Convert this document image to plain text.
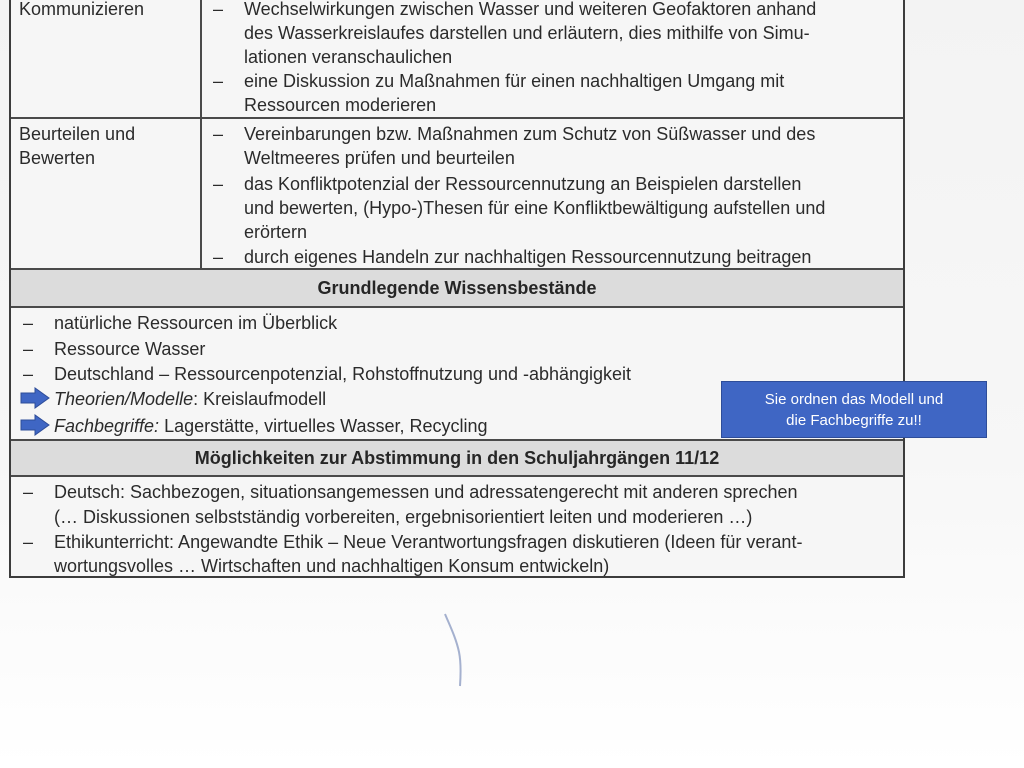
Kommunizieren	– Wechselwirkungen zwischen Wasser und weiteren Geofaktoren anhand
des Wasserkreislaufes darstellen und erläutern, dies mithilfe von Simu-
lationen veranschaulichen
– eine Diskussion zu Maßnahmen für einen nachhaltigen Umgang mit
Ressourcen moderieren
Beurteilen und
Bewerten
– Vereinbarungen bzw. Maßnahmen zum Schutz von Süßwasser und des
Weltmeeres prüfen und beurteilen
– das Konfliktpotenzial der Ressourcennutzung an Beispielen darstellen
und bewerten, (Hypo-)Thesen für eine Konfliktbewältigung aufstellen und
erörtern
– durch eigenes Handeln zur nachhaltigen Ressourcennutzung beitragen
Grundlegende Wissensbestände
– natürliche Ressourcen im Überblick
– Ressource Wasser
– Deutschland – Ressourcenpotenzial, Rohstoffnutzung und -abhängigkeit
Theorien/Modelle: Kreislaufmodell
Fachbegriffe: Lagerstätte, virtuelles Wasser, Recycling
Möglichkeiten zur Abstimmung in den Schuljahrgängen 11/12
– Deutsch: Sachbezogen, situationsangemessen und adressatengerecht mit anderen sprechen
(… Diskussionen selbstständig vorbereiten, ergebnisorientiert leiten und moderieren …)
– Ethikunterricht: Angewandte Ethik – Neue Verantwortungsfragen diskutieren (Ideen für verant-
wortungsvolles … Wirtschaften und nachhaltigen Konsum entwickeln)
Sie ordnen das Modell und
die Fachbegriffe zu!!
